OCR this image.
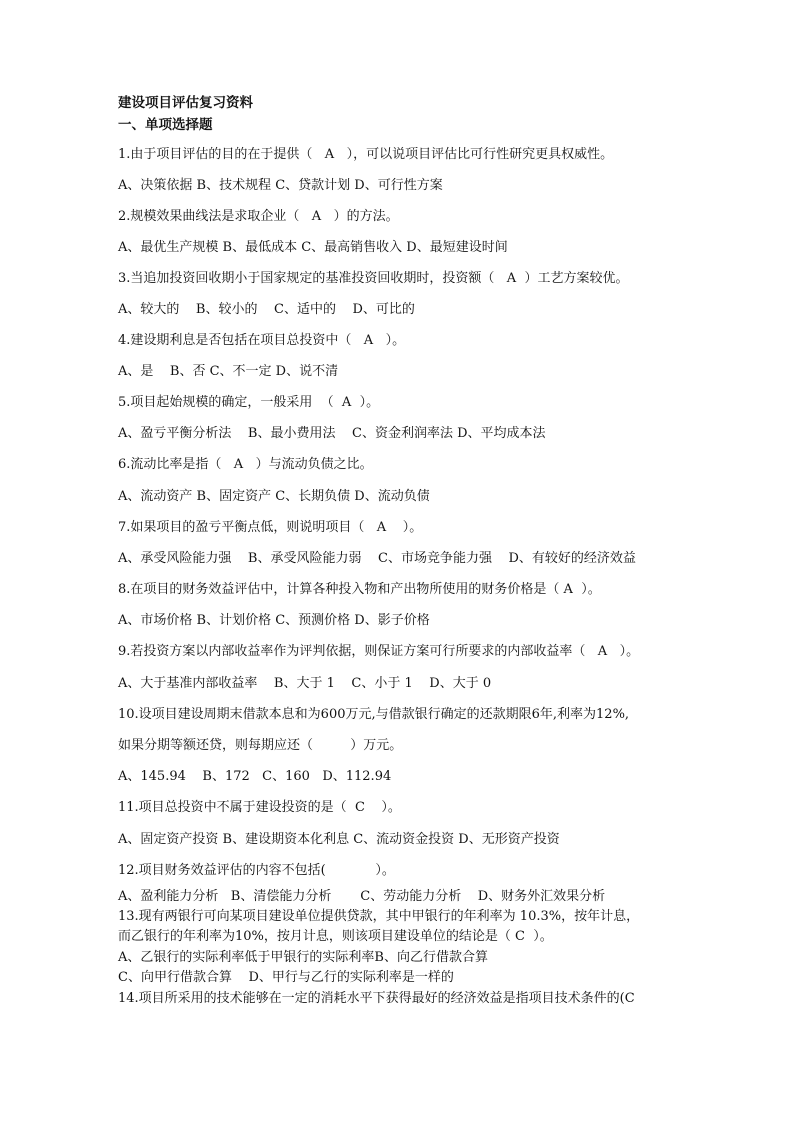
建设项目评估复习资料
一、单项选择题
1.由于项目评估的目的在于提供（   A   ），可以说项目评估比可行性研究更具权威性。
A、决策依据 B、技术规程 C、贷款计划 D、可行性方案
2.规模效果曲线法是求取企业（   A   ）的方法。
A、最优生产规模 B、最低成本 C、最高销售收入 D、最短建设时间
3.当追加投资回收期小于国家规定的基准投资回收期时，投资额（   A  ）工艺方案较优。
A、较大的    B、较小的    C、适中的    D、可比的
4.建设期利息是否包括在项目总投资中（   A   ）。
A、是    B、否 C、不一定 D、说不清
5.项目起始规模的确定，一般采用  （  A  ）。
A、盈亏平衡分析法    B、最小费用法    C、资金利润率法 D、平均成本法
6.流动比率是指（   A   ）与流动负债之比。
A、流动资产 B、固定资产 C、长期负债 D、流动负债
7.如果项目的盈亏平衡点低，则说明项目（   A    ）。
A、承受风险能力强    B、承受风险能力弱    C、市场竞争能力强    D、有较好的经济效益
8.在项目的财务效益评估中，计算各种投入物和产出物所使用的财务价格是（ A  ）。
A、市场价格 B、计划价格 C、预测价格 D、影子价格
9.若投资方案以内部收益率作为评判依据，则保证方案可行所要求的内部收益率（   A   ）。
A、大于基准内部收益率    B、大于 1    C、小于 1    D、大于 0
10.设项目建设周期末借款本息和为600万元,与借款银行确定的还款期限6年,利率为12%,
如果分期等额还贷，则每期应还（         ）万元。
A、145.94    B、172   C、160   D、112.94
11.项目总投资中不属于建设投资的是（  C    ）。
A、固定资产投资 B、建设期资本化利息 C、流动资金投资 D、无形资产投资
12.项目财务效益评估的内容不包括(            ）。
A、盈利能力分析   B、清偿能力分析       C、劳动能力分析    D、财务外汇效果分析
13.现有两银行可向某项目建设单位提供贷款，其中甲银行的年利率为 10.3%，按年计息，
而乙银行的年利率为10%，按月计息，则该项目建设单位的结论是（ C  ）。
A、乙银行的实际利率低于甲银行的实际利率B、向乙行借款合算
C、向甲行借款合算    D、甲行与乙行的实际利率是一样的
14.项目所采用的技术能够在一定的消耗水平下获得最好的经济效益是指项目技术条件的(C
